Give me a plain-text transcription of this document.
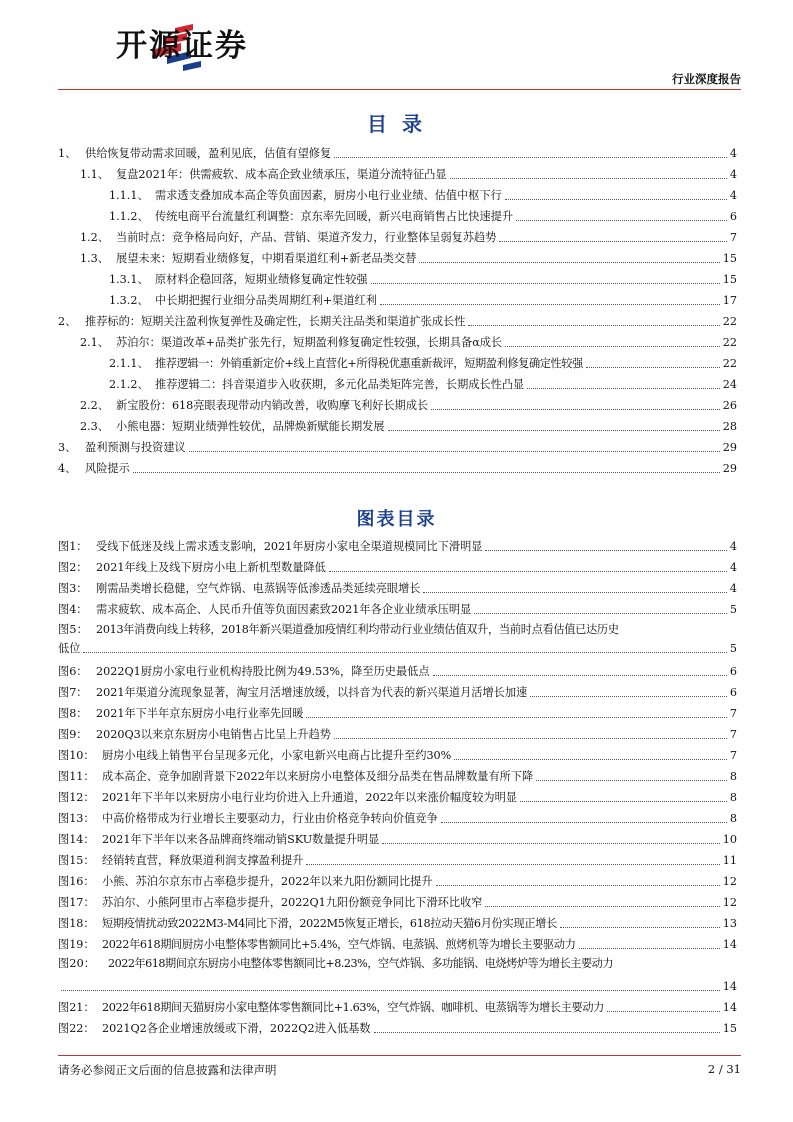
开源证券
行业深度报告
目 录
1、 供给恢复带动需求回暖，盈利见底，估值有望修复	4
1.1、 复盘2021年：供需疲软、成本高企致业绩承压，渠道分流特征凸显	4
1.1.1、 需求透支叠加成本高企等负面因素，厨房小电行业业绩、估值中枢下行	4
1.1.2、 传统电商平台流量红利调整：京东率先回暖，新兴电商销售占比快速提升	6
1.2、 当前时点：竞争格局向好，产品、营销、渠道齐发力，行业整体呈弱复苏趋势	7
1.3、 展望未来：短期看业绩修复，中期看渠道红利+新老品类交替	15
1.3.1、 原材料企稳回落，短期业绩修复确定性较强	15
1.3.2、 中长期把握行业细分品类周期红利+渠道红利	17
2、 推荐标的：短期关注盈利恢复弹性及确定性，长期关注品类和渠道扩张成长性	22
2.1、 苏泊尔：渠道改革+品类扩张先行，短期盈利修复确定性较强，长期具备α成长	22
2.1.1、 推荐逻辑一：外销重新定价+线上直营化+所得税优惠重新裁评，短期盈利修复确定性较强	22
2.1.2、 推荐逻辑二：抖音渠道步入收获期，多元化品类矩阵完善，长期成长性凸显	24
2.2、 新宝股份：618亮眼表现带动内销改善，收购摩飞利好长期成长	26
2.3、 小熊电器：短期业绩弹性较优，品牌焕新赋能长期发展	28
3、 盈利预测与投资建议	29
4、 风险提示	29
图表目录
图1： 受线下低迷及线上需求透支影响，2021年厨房小家电全渠道规模同比下滑明显	4
图2： 2021年线上及线下厨房小电上新机型数量降低	4
图3： 刚需品类增长稳健，空气炸锅、电蒸锅等低渗透品类延续亮眼增长	4
图4： 需求疲软、成本高企、人民币升值等负面因素致2021年各企业业绩承压明显	5
图5： 2013年消费向线上转移，2018年新兴渠道叠加疫情红利均带动行业业绩估值双升，当前时点看估值已达历史
低位	5
图6： 2022Q1厨房小家电行业机构持股比例为49.53%，降至历史最低点	6
图7： 2021年渠道分流现象显著，淘宝月活增速放缓，以抖音为代表的新兴渠道月活增长加速	6
图8： 2021年下半年京东厨房小电行业率先回暖	7
图9： 2020Q3以来京东厨房小电销售占比呈上升趋势	7
图10： 厨房小电线上销售平台呈现多元化，小家电新兴电商占比提升至约30%	7
图11： 成本高企、竞争加剧背景下2022年以来厨房小电整体及细分品类在售品牌数量有所下降	8
图12： 2021年下半年以来厨房小电行业均价进入上升通道，2022年以来涨价幅度较为明显	8
图13： 中高价格带成为行业增长主要驱动力，行业由价格竞争转向价值竞争	8
图14： 2021年下半年以来各品牌商终端动销SKU数量提升明显	10
图15： 经销转直营，释放渠道利润支撑盈利提升	11
图16： 小熊、苏泊尔京东市占率稳步提升，2022年以来九阳份额同比提升	12
图17： 苏泊尔、小熊阿里市占率稳步提升，2022Q1九阳份额竞争同比下滑环比收窄	12
图18： 短期疫情扰动致2022M3-M4同比下滑，2022M5恢复正增长，618拉动天猫6月份实现正增长	13
图19： 2022年618期间厨房小电整体零售额同比+5.4%，空气炸锅、电蒸锅、煎烤机等为增长主要驱动力	14
图20： 2022年618期间京东厨房小电整体零售额同比+8.23%，空气炸锅、多功能锅、电烧烤炉等为增长主要动力
14
图21： 2022年618期间天猫厨房小家电整体零售额同比+1.63%，空气炸锅、咖啡机、电蒸锅等为增长主要动力	14
图22： 2021Q2各企业增速放缓或下滑，2022Q2进入低基数	15
请务必参阅正文后面的信息披露和法律声明	2 / 31
